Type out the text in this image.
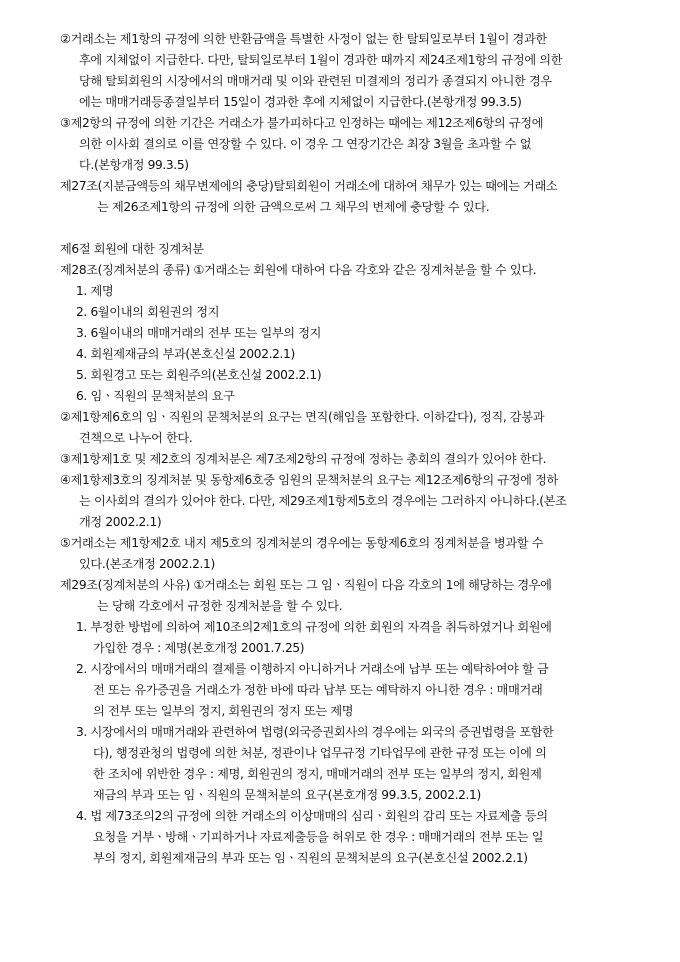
②거래소는 제1항의 규정에 의한 반환금액을 특별한 사정이 없는 한 탈퇴일로부터 1월이 경과한
후에 지체없이 지급한다. 다만, 탈퇴일로부터 1월이 경과한 때까지 제24조제1항의 규정에 의한
당해 탈퇴회원의 시장에서의 매매거래 및 이와 관련된 미결제의 정리가 종결되지 아니한 경우
에는 매매거래등종결일부터 15일이 경과한 후에 지체없이 지급한다.(본항개정 99.3.5)
③제2항의 규정에 의한 기간은 거래소가 불가피하다고 인정하는 때에는 제12조제6항의 규정에
의한 이사회 결의로 이를 연장할 수 있다. 이 경우 그 연장기간은 최장 3월을 초과할 수 없
다.(본항개정 99.3.5)
제27조(지분금액등의 채무변제에의 충당)탈퇴회원이 거래소에 대하여 채무가 있는 때에는 거래소
는 제26조제1항의 규정에 의한 금액으로써 그 채무의 변제에 충당할 수 있다.
제6절 회원에 대한 징계처분
제28조(징계처분의 종류) ①거래소는 회원에 대하여 다음 각호와 같은 징계처분을 할 수 있다.
1. 제명
2. 6월이내의 회원권의 정지
3. 6월이내의 매매거래의 전부 또는 일부의 정지
4. 회원제재금의 부과(본호신설 2002.2.1)
5. 회원경고 또는 회원주의(본호신설 2002.2.1)
6. 임ㆍ직원의 문책처분의 요구
②제1항제6호의 임ㆍ직원의 문책처분의 요구는 면직(해임을 포함한다. 이하같다), 정직, 감봉과
견책으로 나누어 한다.
③제1항제1호 및 제2호의 징계처분은 제7조제2항의 규정에 정하는 총회의 결의가 있어야 한다.
④제1항제3호의 징계처분 및 동항제6호중 임원의 문책처분의 요구는 제12조제6항의 규정에 정하
는 이사회의 결의가 있어야 한다. 다만, 제29조제1항제5호의 경우에는 그러하지 아니하다.(본조
개정 2002.2.1)
⑤거래소는 제1항제2호 내지 제5호의 징계처분의 경우에는 동항제6호의 징계처분을 병과할 수
있다.(본조개정 2002.2.1)
제29조(징계처분의 사유) ①거래소는 회원 또는 그 임ㆍ직원이 다음 각호의 1에 해당하는 경우에
는 당해 각호에서 규정한 징계처분을 할 수 있다.
1. 부정한 방법에 의하여 제10조의2제1호의 규정에 의한 회원의 자격을 취득하였거나 회원에
가입한 경우 : 제명(본호개정 2001.7.25)
2. 시장에서의 매매거래의 결제를 이행하지 아니하거나 거래소에 납부 또는 예탁하여야 할 금
전 또는 유가증권을 거래소가 정한 바에 따라 납부 또는 예탁하지 아니한 경우 : 매매거래
의 전부 또는 일부의 정지, 회원권의 정지 또는 제명
3. 시장에서의 매매거래와 관련하여 법령(외국증권회사의 경우에는 외국의 증권법령을 포함한
다), 행정관청의 법령에 의한 처분, 정관이나 업무규정 기타업무에 관한 규정 또는 이에 의
한 조치에 위반한 경우 : 제명, 회원권의 정지, 매매거래의 전부 또는 일부의 정지, 회원제
재금의 부과 또는 임ㆍ직원의 문책처분의 요구(본호개정 99.3.5, 2002.2.1)
4. 법 제73조의2의 규정에 의한 거래소의 이상매매의 심리ㆍ회원의 감리 또는 자료제출 등의
요청을 거부ㆍ방해ㆍ기피하거나 자료제출등을 허위로 한 경우 : 매매거래의 전부 또는 일
부의 정지, 회원제재금의 부과 또는 임ㆍ직원의 문책처분의 요구(본호신설 2002.2.1)
